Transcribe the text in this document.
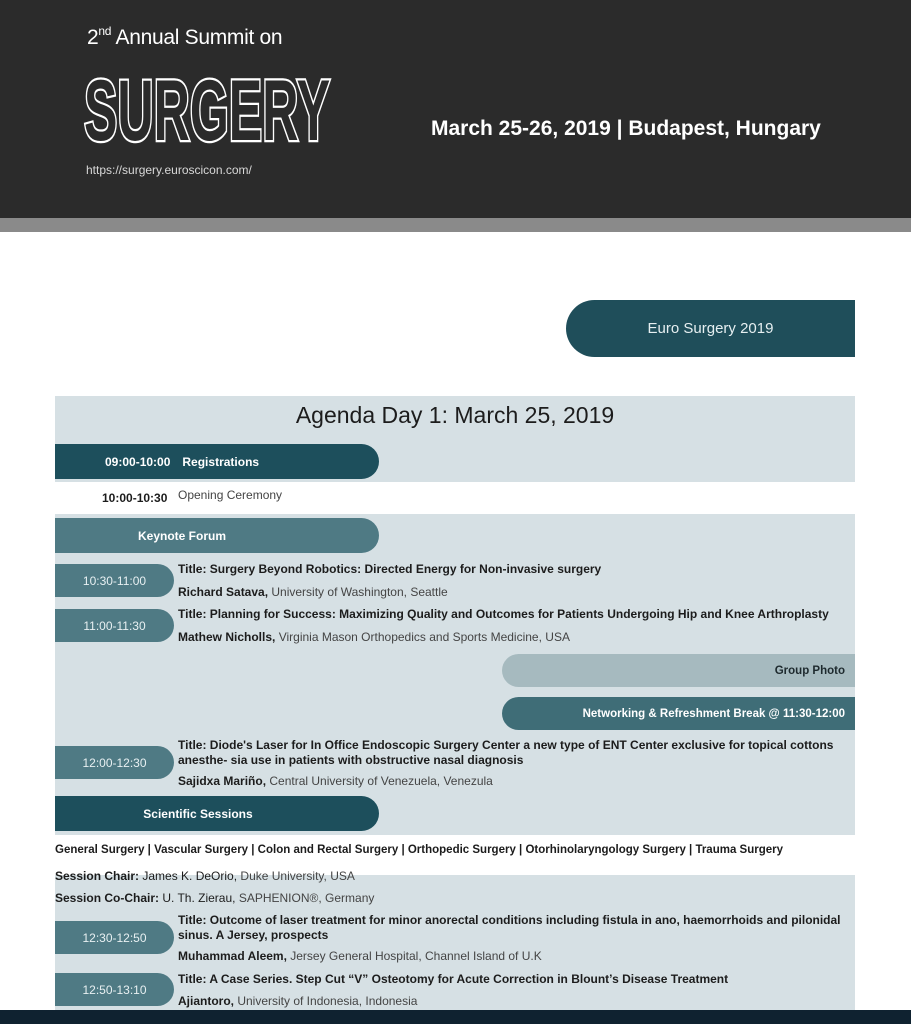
2nd Annual Summit on
SURGERY
https://surgery.euroscicon.com/
March 25-26, 2019 | Budapest, Hungary
Euro Surgery 2019
Agenda Day 1: March 25, 2019
09:00-10:00 Registrations
10:00-10:30 Opening Ceremony
Keynote Forum
10:30-11:00
Title: Surgery Beyond Robotics: Directed Energy for Non-invasive surgery
Richard Satava, University of Washington, Seattle
11:00-11:30
Title: Planning for Success: Maximizing Quality and Outcomes for Patients Undergoing Hip and Knee Arthroplasty
Mathew Nicholls, Virginia Mason Orthopedics and Sports Medicine, USA
Group Photo
Networking & Refreshment Break @ 11:30-12:00
12:00-12:30
Title: Diode's Laser for In Office Endoscopic Surgery Center a new type of ENT Center exclusive for topical cottons anesthe- sia use in patients with obstructive nasal diagnosis
Sajidxa Mariño, Central University of Venezuela, Venezula
Scientific Sessions
General Surgery | Vascular Surgery | Colon and Rectal Surgery | Orthopedic Surgery | Otorhinolaryngology Surgery | Trauma Surgery
Session Chair: James K. DeOrio, Duke University, USA
Session Co-Chair: U. Th. Zierau, SAPHENION®, Germany
12:30-12:50
Title: Outcome of laser treatment for minor anorectal conditions including fistula in ano, haemorrhoids and pilonidal sinus. A Jersey, prospects
Muhammad Aleem, Jersey General Hospital, Channel Island of U.K
12:50-13:10
Title: A Case Series. Step Cut “V” Osteotomy for Acute Correction in Blount’s Disease Treatment
Ajiantoro, University of Indonesia, Indonesia
